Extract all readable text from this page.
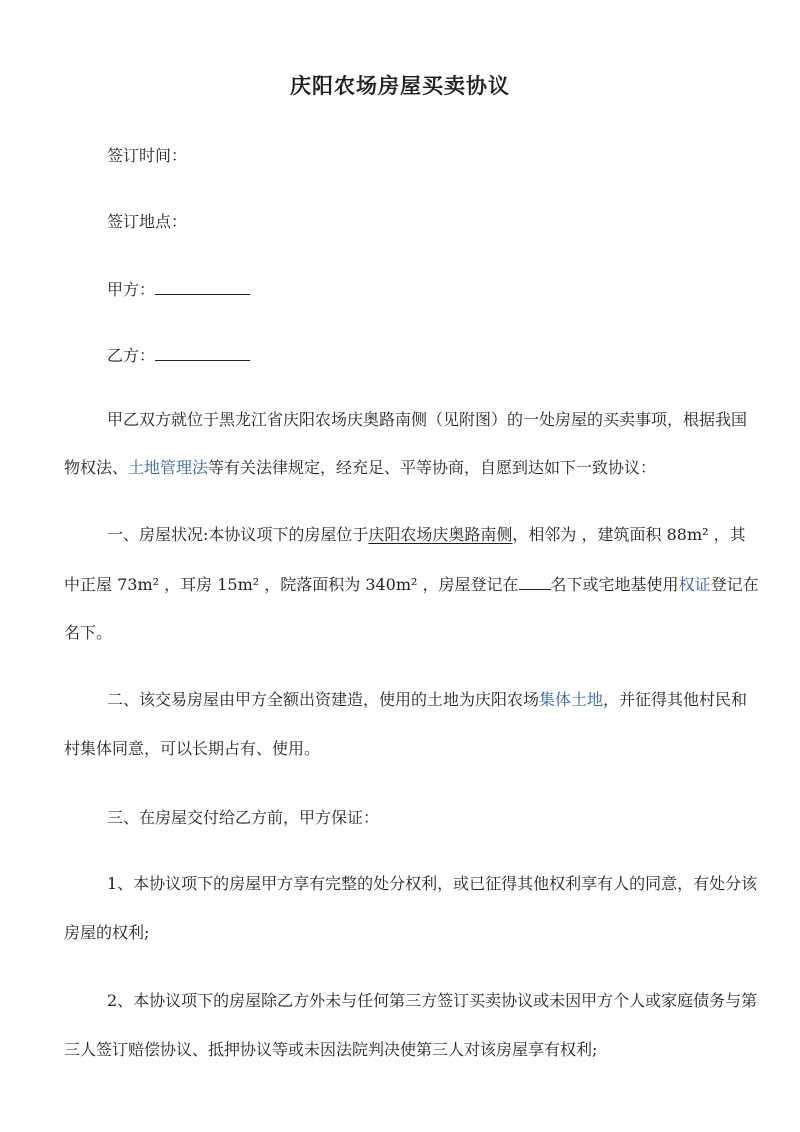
庆阳农场房屋买卖协议
签订时间：
签订地点：
甲方：
乙方：
甲乙双方就位于黑龙江省庆阳农场庆奥路南侧（见附图）的一处房屋的买卖事项，根据我国
物权法、土地管理法等有关法律规定，经充足、平等协商，自愿到达如下一致协议：
一、房屋状况:本协议项下的房屋位于庆阳农场庆奥路南侧，相邻为 ，建筑面积 88m² ，其
中正屋 73m² ，耳房 15m² ，院落面积为 340m² ，房屋登记在 名下或宅地基使用权证登记在
名下。
二、该交易房屋由甲方全额出资建造，使用的土地为庆阳农场集体土地，并征得其他村民和
村集体同意，可以长期占有、使用。
三、在房屋交付给乙方前，甲方保证：
1、本协议项下的房屋甲方享有完整的处分权利，或已征得其他权利享有人的同意，有处分该
房屋的权利;
2、本协议项下的房屋除乙方外未与任何第三方签订买卖协议或未因甲方个人或家庭债务与第
三人签订赔偿协议、抵押协议等或未因法院判决使第三人对该房屋享有权利;
